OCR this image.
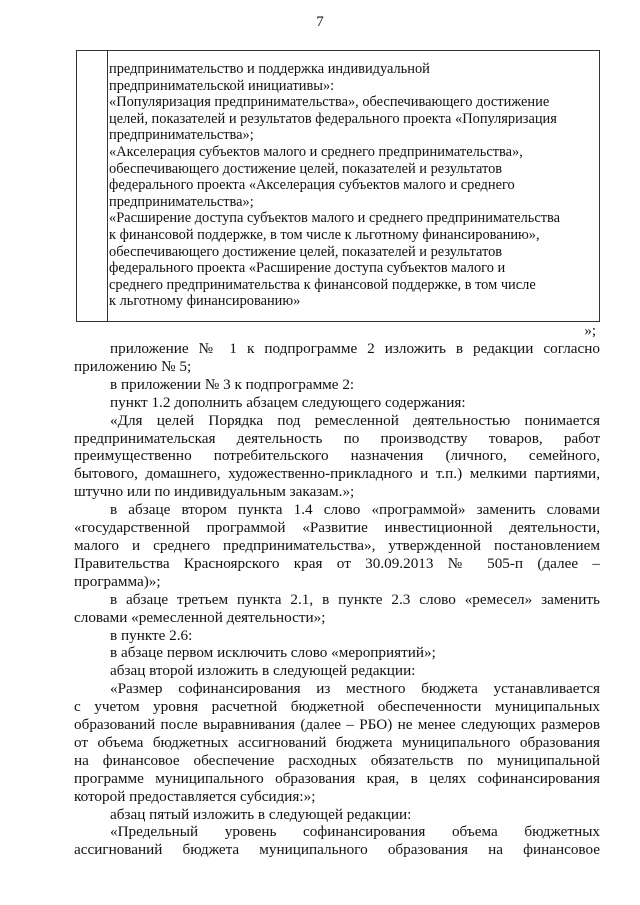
7
предпринимательство и поддержка индивидуальной
предпринимательской инициативы»:
«Популяризация предпринимательства», обеспечивающего достижение
целей, показателей и результатов федерального проекта «Популяризация
предпринимательства»;
«Акселерация субъектов малого и среднего предпринимательства»,
обеспечивающего достижение целей, показателей и результатов
федерального проекта «Акселерация субъектов малого и среднего
предпринимательства»;
«Расширение доступа субъектов малого и среднего предпринимательства
к финансовой поддержке, в том числе к льготному финансированию»,
обеспечивающего достижение целей, показателей и результатов
федерального проекта «Расширение доступа субъектов малого и
среднего предпринимательства к финансовой поддержке, в том числе
к льготному финансированию»
»;
приложение № 1 к подпрограмме 2 изложить в редакции согласно
приложению № 5;
в приложении № 3 к подпрограмме 2:
пункт 1.2 дополнить абзацем следующего содержания:
«Для целей Порядка под ремесленной деятельностью понимается
предпринимательская деятельность по производству товаров, работ
преимущественно потребительского назначения (личного, семейного,
бытового, домашнего, художественно-прикладного и т.п.) мелкими партиями,
штучно или по индивидуальным заказам.»;
в абзаце втором пункта 1.4 слово «программой» заменить словами
«государственной программой «Развитие инвестиционной деятельности,
малого и среднего предпринимательства», утвержденной постановлением
Правительства Красноярского края от 30.09.2013 № 505-п (далее –
программа)»;
в абзаце третьем пункта 2.1, в пункте 2.3 слово «ремесел» заменить
словами «ремесленной деятельности»;
в пункте 2.6:
в абзаце первом исключить слово «мероприятий»;
абзац второй изложить в следующей редакции:
«Размер софинансирования из местного бюджета устанавливается
с учетом уровня расчетной бюджетной обеспеченности муниципальных
образований после выравнивания (далее – РБО) не менее следующих размеров
от объема бюджетных ассигнований бюджета муниципального образования
на финансовое обеспечение расходных обязательств по муниципальной
программе муниципального образования края, в целях софинансирования
которой предоставляется субсидия:»;
абзац пятый изложить в следующей редакции:
«Предельный уровень софинансирования объема бюджетных
ассигнований бюджета муниципального образования на финансовое
